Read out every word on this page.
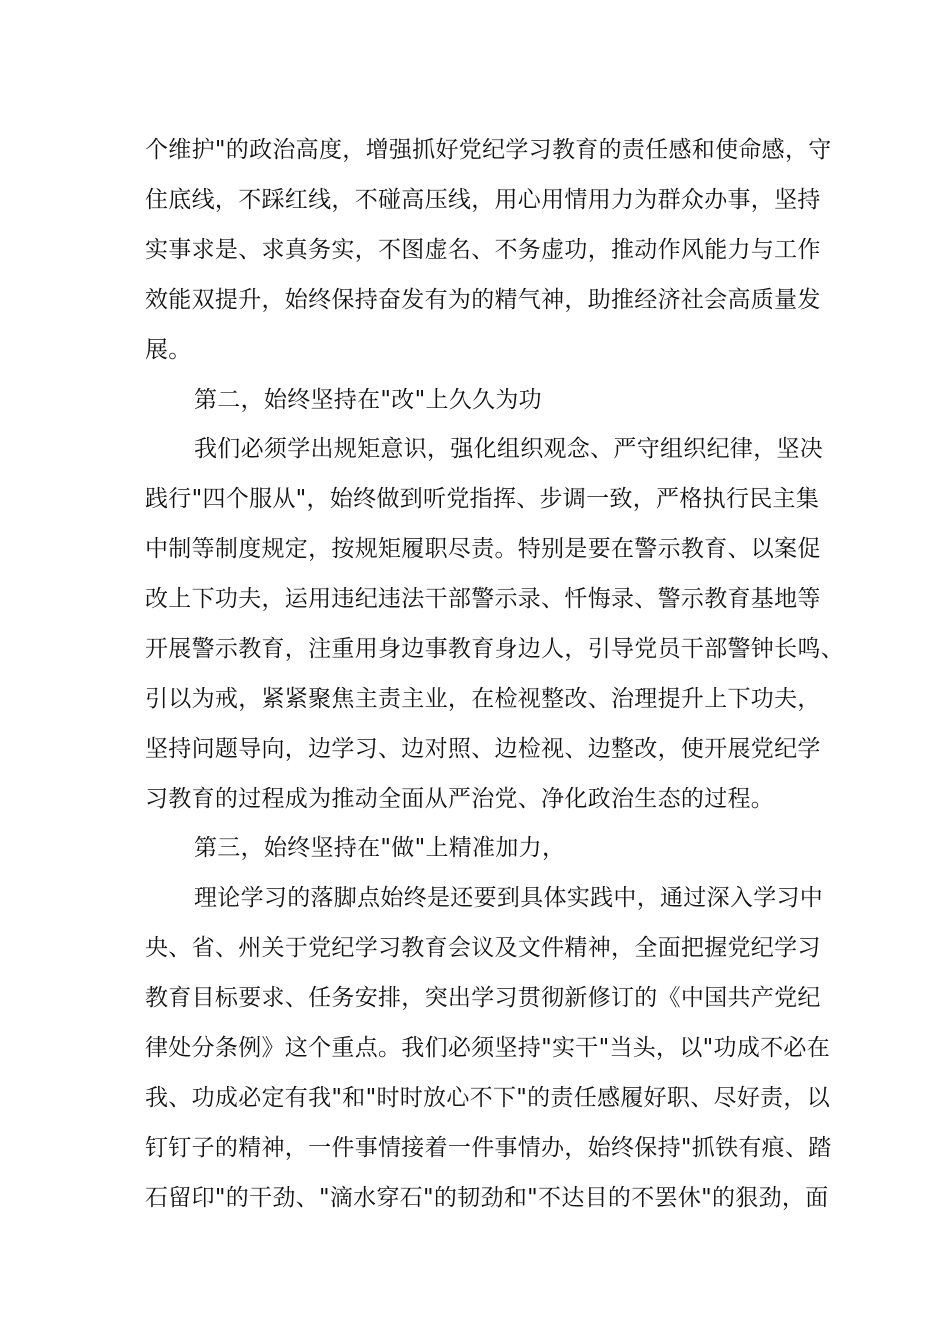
个维护"的政治高度，增强抓好党纪学习教育的责任感和使命感，守
住底线，不踩红线，不碰高压线，用心用情用力为群众办事，坚持
实事求是、求真务实，不图虚名、不务虚功，推动作风能力与工作
效能双提升，始终保持奋发有为的精气神，助推经济社会高质量发
展。
第二，始终坚持在"改"上久久为功
我们必须学出规矩意识，强化组织观念、严守组织纪律，坚决
践行"四个服从"，始终做到听党指挥、步调一致，严格执行民主集
中制等制度规定，按规矩履职尽责。特别是要在警示教育、以案促
改上下功夫，运用违纪违法干部警示录、忏悔录、警示教育基地等
开展警示教育，注重用身边事教育身边人，引导党员干部警钟长鸣、
引以为戒，紧紧聚焦主责主业，在检视整改、治理提升上下功夫，
坚持问题导向，边学习、边对照、边检视、边整改，使开展党纪学
习教育的过程成为推动全面从严治党、净化政治生态的过程。
第三，始终坚持在"做"上精准加力，
理论学习的落脚点始终是还要到具体实践中，通过深入学习中
央、省、州关于党纪学习教育会议及文件精神，全面把握党纪学习
教育目标要求、任务安排，突出学习贯彻新修订的《中国共产党纪
律处分条例》这个重点。我们必须坚持"实干"当头，以"功成不必在
我、功成必定有我"和"时时放心不下"的责任感履好职、尽好责，以
钉钉子的精神，一件事情接着一件事情办，始终保持"抓铁有痕、踏
石留印"的干劲、"滴水穿石"的韧劲和"不达目的不罢休"的狠劲，面
